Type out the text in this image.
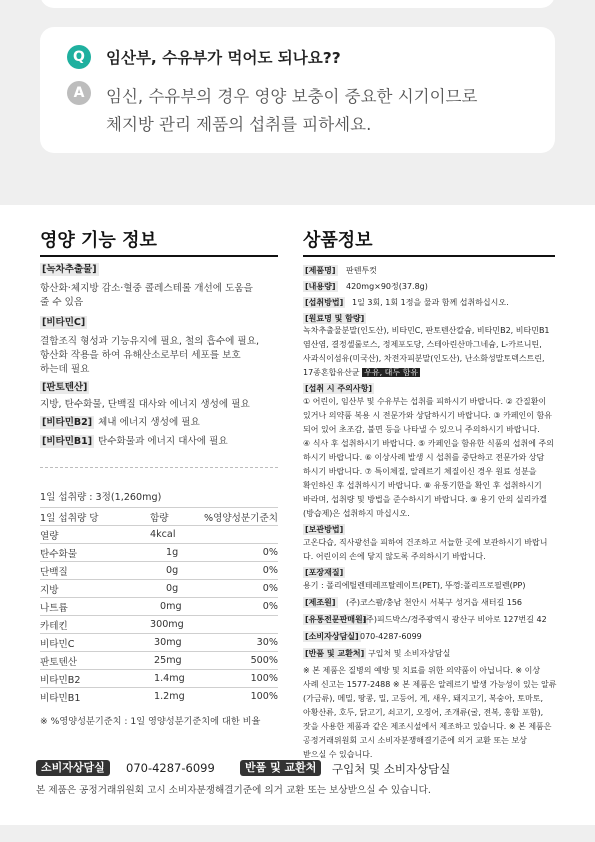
Q	임산부, 수유부가 먹어도 되나요??
A	임신, 수유부의 경우 영양 보충이 중요한 시기이므로
체지방 관리 제품의 섭취를 피하세요.
영양 기능 정보
[녹차추출물]
항산화·체지방 감소·혈중 콜레스테롤 개선에 도움을
줄 수 있음
[비타민C]
결합조직 형성과 기능유지에 필요, 철의 흡수에 필요,
항산화 작용을 하여 유해산소로부터 세포를 보호
하는데 필요
[판토텐산]
지방, 탄수화물, 단백질 대사와 에너지 생성에 필요
[비타민B2] 체내 에너지 생성에 필요
[비타민B1] 탄수화물과 에너지 대사에 필요
1일 섭취량 : 3정(1,260mg)
1일 섭취량 당	함량	%영양성분기준치
열량	4kcal	
탄수화물	1g	0%
단백질	0g	0%
지방	0g	0%
나트륨	0mg	0%
카테킨	300mg	
비타민C	30mg	30%
판토텐산	25mg	500%
비타민B2	1.4mg	100%
비타민B1	1.2mg	100%
※ %영양성분기준치 : 1일 영양성분기준치에 대한 비율
상품정보
[제품명] 판텐투컷
[내용량] 420mg×90정(37.8g)
[섭취방법] 1일 3회, 1회 1정을 물과 함께 섭취하십시오.
[원료명 및 함량]
녹차추출물분말(인도산), 비타민C, 판토텐산칼슘, 비타민B2, 비타민B1
염산염, 결정셀룰로스, 정제포도당, 스테아린산마그네슘, L-카르니틴,
사과식이섬유(미국산), 차전자피분말(인도산), 난소화성말토덱스트린,
17종혼합유산균 우유, 대두 함유
[섭취 시 주의사항]
① 어린이, 임산부 및 수유부는 섭취를 피하시기 바랍니다. ② 간질환이
있거나 의약품 복용 시 전문가와 상담하시기 바랍니다. ③ 카페인이 함유
되어 있어 초조감, 불면 등을 나타낼 수 있으니 주의하시기 바랍니다.
④ 식사 후 섭취하시기 바랍니다. ⑤ 카페인을 함유한 식품의 섭취에 주의
하시기 바랍니다. ⑥ 이상사례 발생 시 섭취를 중단하고 전문가와 상담
하시기 바랍니다. ⑦ 특이체질, 알레르기 체질이신 경우 원료 성분을
확인하신 후 섭취하시기 바랍니다. ⑧ 유통기한을 확인 후 섭취하시기
바라며, 섭취량 및 방법을 준수하시기 바랍니다. ⑨ 용기 안의 실리카겔
(방습제)은 섭취하지 마십시오.
[보관방법]
고온다습, 직사광선을 피하여 건조하고 서늘한 곳에 보관하시기 바랍니
다. 어린이의 손에 닿지 않도록 주의하시기 바랍니다.
[포장재질]
용기 : 폴리에틸렌테레프탈레이트(PET), 뚜껑:폴리프로필렌(PP)
[제조원] (주)코스팜/충남 천안시 서북구 성거읍 새터길 156
[유통전문판매원]
(주)피드박스/경주광역시 광산구 비아로 127번길 42
[소비자상담실] 070-4287-6099
[반품 및 교환처] 구입처 및 소비자상담실
※ 본 제품은 질병의 예방 및 치료를 위한 의약품이 아닙니다. ※ 이상
사례 신고는 1577-2488 ※ 본 제품은 알레르기 발생 가능성이 있는 알류
(가금류), 메밀, 땅콩, 밀, 고등어, 게, 새우, 돼지고기, 복숭아, 토마토,
아황산류, 호두, 닭고기, 쇠고기, 오징어, 조개류(굴, 전복, 홍합 포함),
잣을 사용한 제품과 같은 제조시설에서 제조하고 있습니다. ※ 본 제품은
공정거래위원회 고시 소비자분쟁해결기준에 의거 교환 또는 보상
받으실 수 있습니다.
소비자상담실	070-4287-6099	반품 및 교환처	구입처 및 소비자상담실
본 제품은 공정거래위원회 고시 소비자분쟁해결기준에 의거 교환 또는 보상받으실 수 있습니다.
